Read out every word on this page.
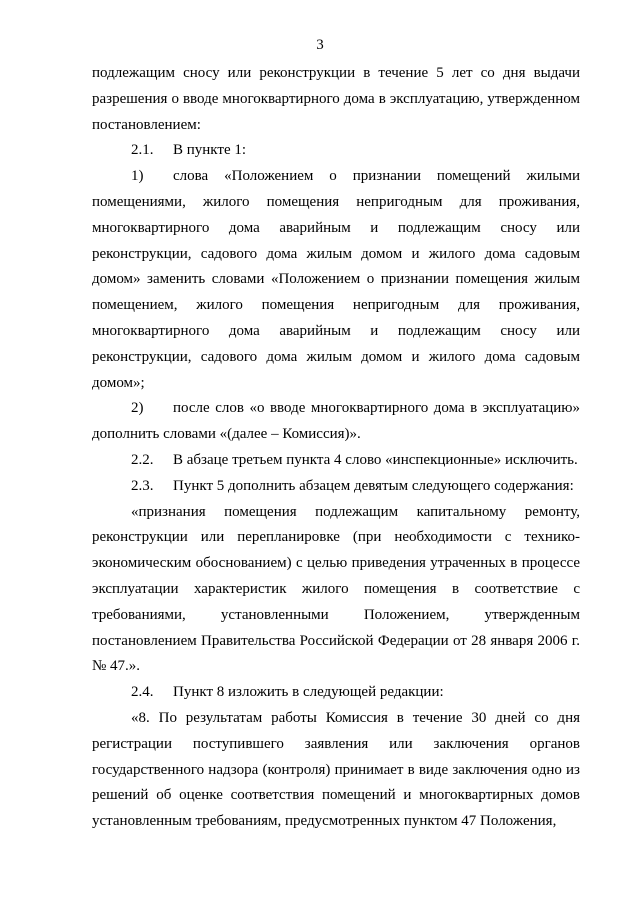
3

подлежащим сносу или реконструкции в течение 5 лет со дня выдачи разрешения о вводе многоквартирного дома в эксплуатацию, утвержденном постановлением:

2.1. В пункте 1:

1) слова «Положением о признании помещений жилыми помещениями, жилого помещения непригодным для проживания, многоквартирного дома аварийным и подлежащим сносу или реконструкции, садового дома жилым домом и жилого дома садовым домом» заменить словами «Положением о признании помещения жилым помещением, жилого помещения непригодным для проживания, многоквартирного дома аварийным и подлежащим сносу или реконструкции, садового дома жилым домом и жилого дома садовым домом»;

2) после слов «о вводе многоквартирного дома в эксплуатацию» дополнить словами «(далее – Комиссия)».

2.2. В абзаце третьем пункта 4 слово «инспекционные» исключить.

2.3. Пункт 5 дополнить абзацем девятым следующего содержания:

«признания помещения подлежащим капитальному ремонту, реконструкции или перепланировке (при необходимости с технико-экономическим обоснованием) с целью приведения утраченных в процессе эксплуатации характеристик жилого помещения в соответствие с требованиями, установленными Положением, утвержденным постановлением Правительства Российской Федерации от 28 января 2006 г. № 47.».

2.4. Пункт 8 изложить в следующей редакции:

«8. По результатам работы Комиссия в течение 30 дней со дня регистрации поступившего заявления или заключения органов государственного надзора (контроля) принимает в виде заключения одно из решений об оценке соответствия помещений и многоквартирных домов установленным требованиям, предусмотренных пунктом 47 Положения,
